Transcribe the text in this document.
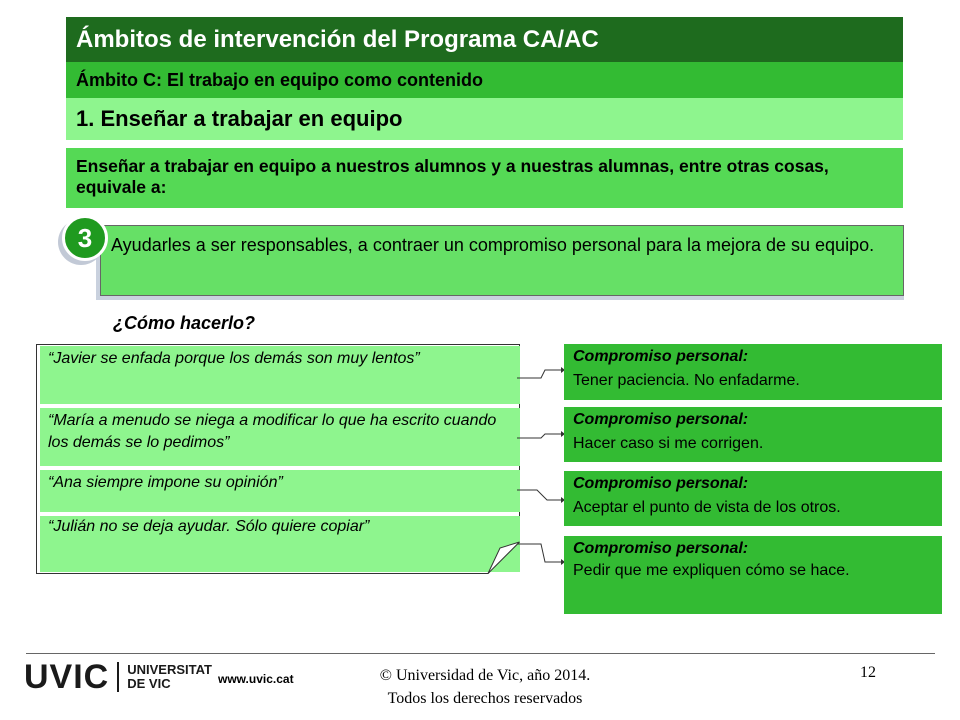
Ámbitos de intervención del Programa CA/AC
Ámbito C: El trabajo en equipo como contenido
1. Enseñar a trabajar en equipo
Enseñar a trabajar en equipo a nuestros alumnos y a nuestras alumnas, entre otras cosas, equivale a:
Ayudarles a ser responsables, a contraer un compromiso personal para la mejora de su equipo.
3
¿Cómo hacerlo?
“Javier se enfada porque los demás son muy lentos”
“María a menudo se niega a modificar lo que ha escrito cuando los demás se lo pedimos”
“Ana siempre impone su opinión”
“Julián no se deja ayudar. Sólo quiere copiar”
Compromiso personal:
Tener paciencia. No enfadarme.
Compromiso personal:
Hacer caso si me corrigen.
Compromiso personal:
Aceptar el punto de vista de los otros.
Compromiso personal:
Pedir que me expliquen cómo se hace.
UVIC UNIVERSITAT
DE VIC	www.uvic.cat	© Universidad de Vic, año 2014.
Todos los derechos reservados
12
